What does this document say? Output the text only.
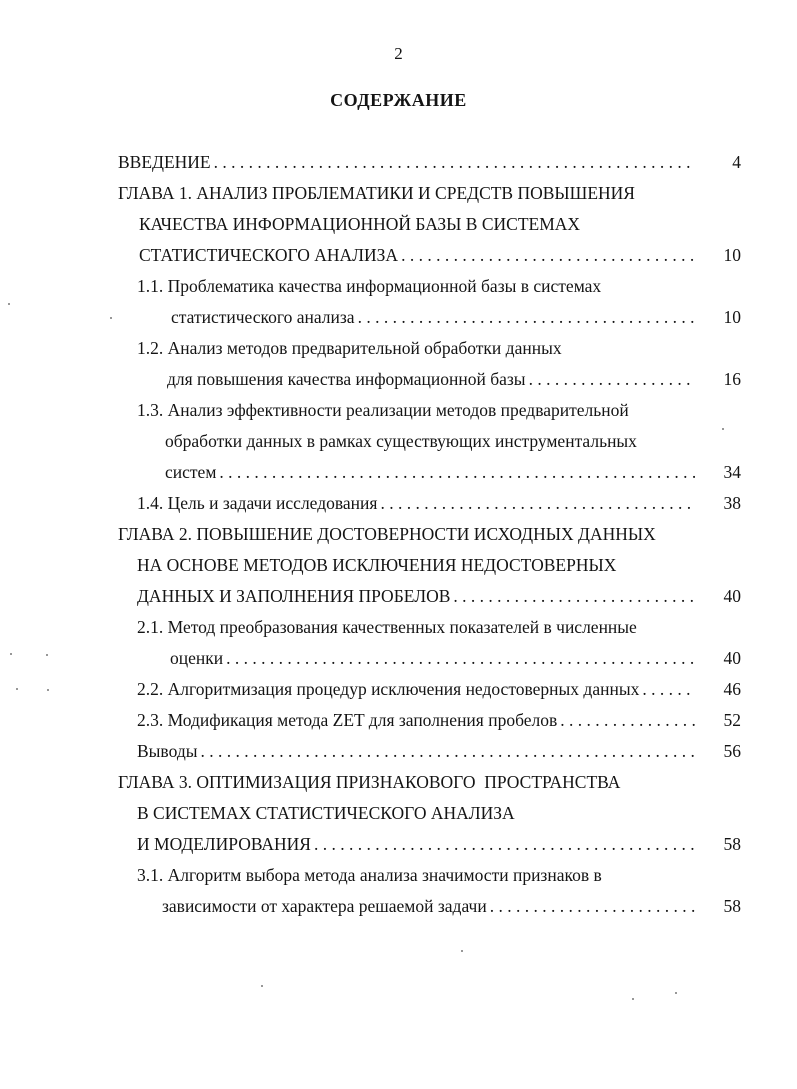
2
СОДЕРЖАНИЕ
ВВЕДЕНИЕ . . .	4
ГЛАВА 1. АНАЛИЗ ПРОБЛЕМАТИКИ И СРЕДСТВ ПОВЫШЕНИЯ
КАЧЕСТВА ИНФОРМАЦИОННОЙ БАЗЫ В СИСТЕМАХ
СТАТИСТИЧЕСКОГО АНАЛИЗА . . .	10
1.1. Проблематика качества информационной базы в системах
статистического анализа . . .	10
1.2. Анализ методов предварительной обработки данных
для повышения качества информационной базы . . .	16
1.3. Анализ эффективности реализации методов предварительной
обработки данных в рамках существующих инструментальных
систем . . .	34
1.4. Цель и задачи исследования . . .	38
ГЛАВА 2. ПОВЫШЕНИЕ ДОСТОВЕРНОСТИ ИСХОДНЫХ ДАННЫХ
НА ОСНОВЕ МЕТОДОВ ИСКЛЮЧЕНИЯ НЕДОСТОВЕРНЫХ
ДАННЫХ И ЗАПОЛНЕНИЯ ПРОБЕЛОВ . . .	40
2.1. Метод преобразования качественных показателей в численные
оценки . . .	40
2.2. Алгоритмизация процедур исключения недостоверных данных . . .	46
2.3. Модификация метода ZET для заполнения пробелов . . .	52
Выводы . . .	56
ГЛАВА 3. ОПТИМИЗАЦИЯ ПРИЗНАКОВОГО  ПРОСТРАНСТВА
В СИСТЕМАХ СТАТИСТИЧЕСКОГО АНАЛИЗА
И МОДЕЛИРОВАНИЯ . . .	58
3.1. Алгоритм выбора метода анализа значимости признаков в
зависимости от характера решаемой задачи . . .	58
